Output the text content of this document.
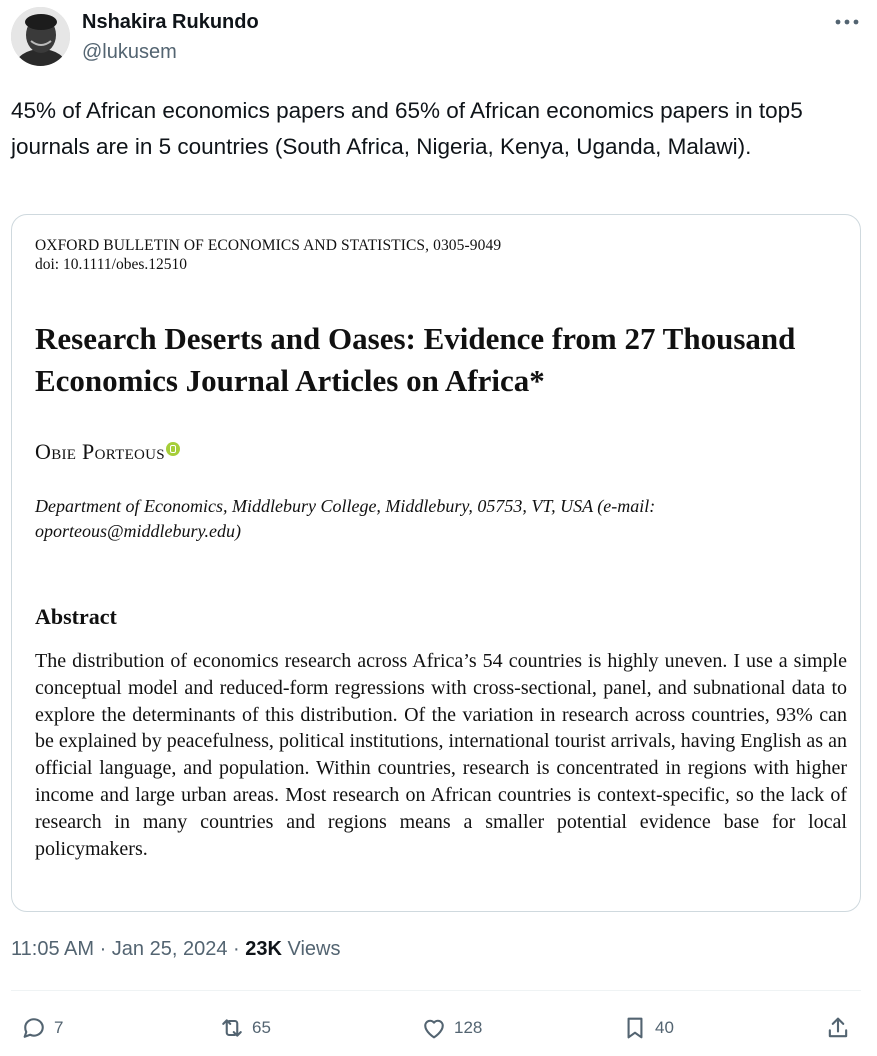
Nshakira Rukundo
@lukusem

45% of African economics papers and 65% of African economics papers in top5 journals are in 5 countries (South Africa, Nigeria, Kenya, Uganda, Malawi).

OXFORD BULLETIN OF ECONOMICS AND STATISTICS, 0305-9049
doi: 10.1111/obes.12510
Research Deserts and Oases: Evidence from 27 Thousand Economics Journal Articles on Africa*
Obie Porteous
Department of Economics, Middlebury College, Middlebury, 05753, VT, USA (e-mail: oporteous@middlebury.edu)
Abstract

The distribution of economics research across Africa’s 54 countries is highly uneven. I use a simple conceptual model and reduced-form regressions with cross-sectional, panel, and subnational data to explore the determinants of this distribution. Of the variation in research across countries, 93% can be explained by peacefulness, political institutions, international tourist arrivals, having English as an official language, and population. Within countries, research is concentrated in regions with higher income and large urban areas. Most research on African countries is context-specific, so the lack of research in many countries and regions means a smaller potential evidence base for local policymakers.

11:05 AM · Jan 25, 2024 · 23K Views
7	65	128	40
